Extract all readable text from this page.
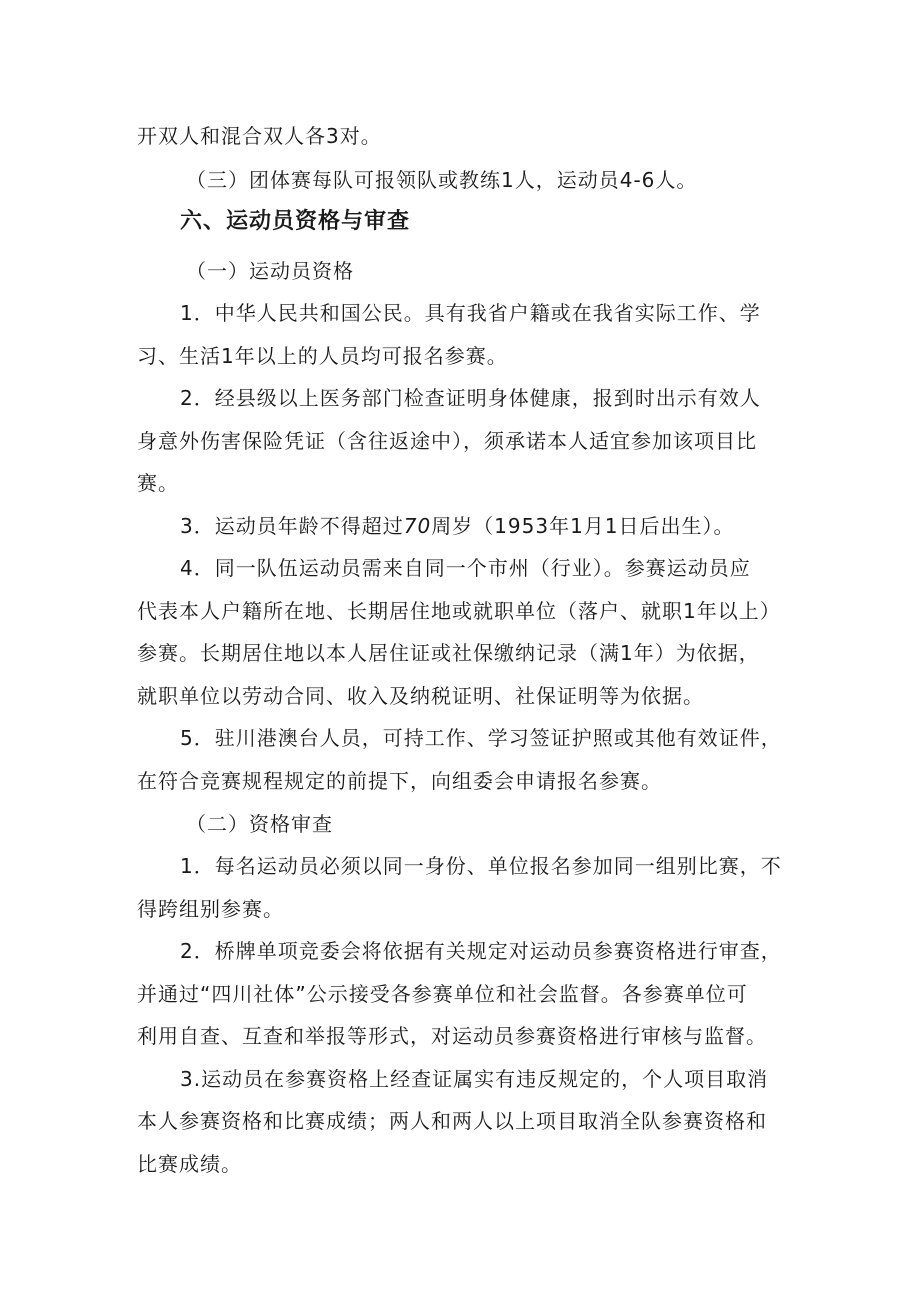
开双人和混合双人各3对。
（三）团体赛每队可报领队或教练1人，运动员4-6人。
六、运动员资格与审查
（一）运动员资格
1．中华人民共和国公民。具有我省户籍或在我省实际工作、学
习、生活1年以上的人员均可报名参赛。
2．经县级以上医务部门检查证明身体健康，报到时出示有效人
身意外伤害保险凭证（含往返途中），须承诺本人适宜参加该项目比
赛。
3．运动员年龄不得超过70周岁（1953年1月1日后出生）。
4．同一队伍运动员需来自同一个市州（行业）。参赛运动员应
代表本人户籍所在地、长期居住地或就职单位（落户、就职1年以上）
参赛。长期居住地以本人居住证或社保缴纳记录（满1年）为依据，
就职单位以劳动合同、收入及纳税证明、社保证明等为依据。
5．驻川港澳台人员，可持工作、学习签证护照或其他有效证件，
在符合竞赛规程规定的前提下，向组委会申请报名参赛。
（二）资格审查
1．每名运动员必须以同一身份、单位报名参加同一组别比赛，不
得跨组别参赛。
2．桥牌单项竞委会将依据有关规定对运动员参赛资格进行审查，
并通过“四川社体”公示接受各参赛单位和社会监督。各参赛单位可
利用自查、互查和举报等形式，对运动员参赛资格进行审核与监督。
3.运动员在参赛资格上经查证属实有违反规定的，个人项目取消
本人参赛资格和比赛成绩；两人和两人以上项目取消全队参赛资格和
比赛成绩。
